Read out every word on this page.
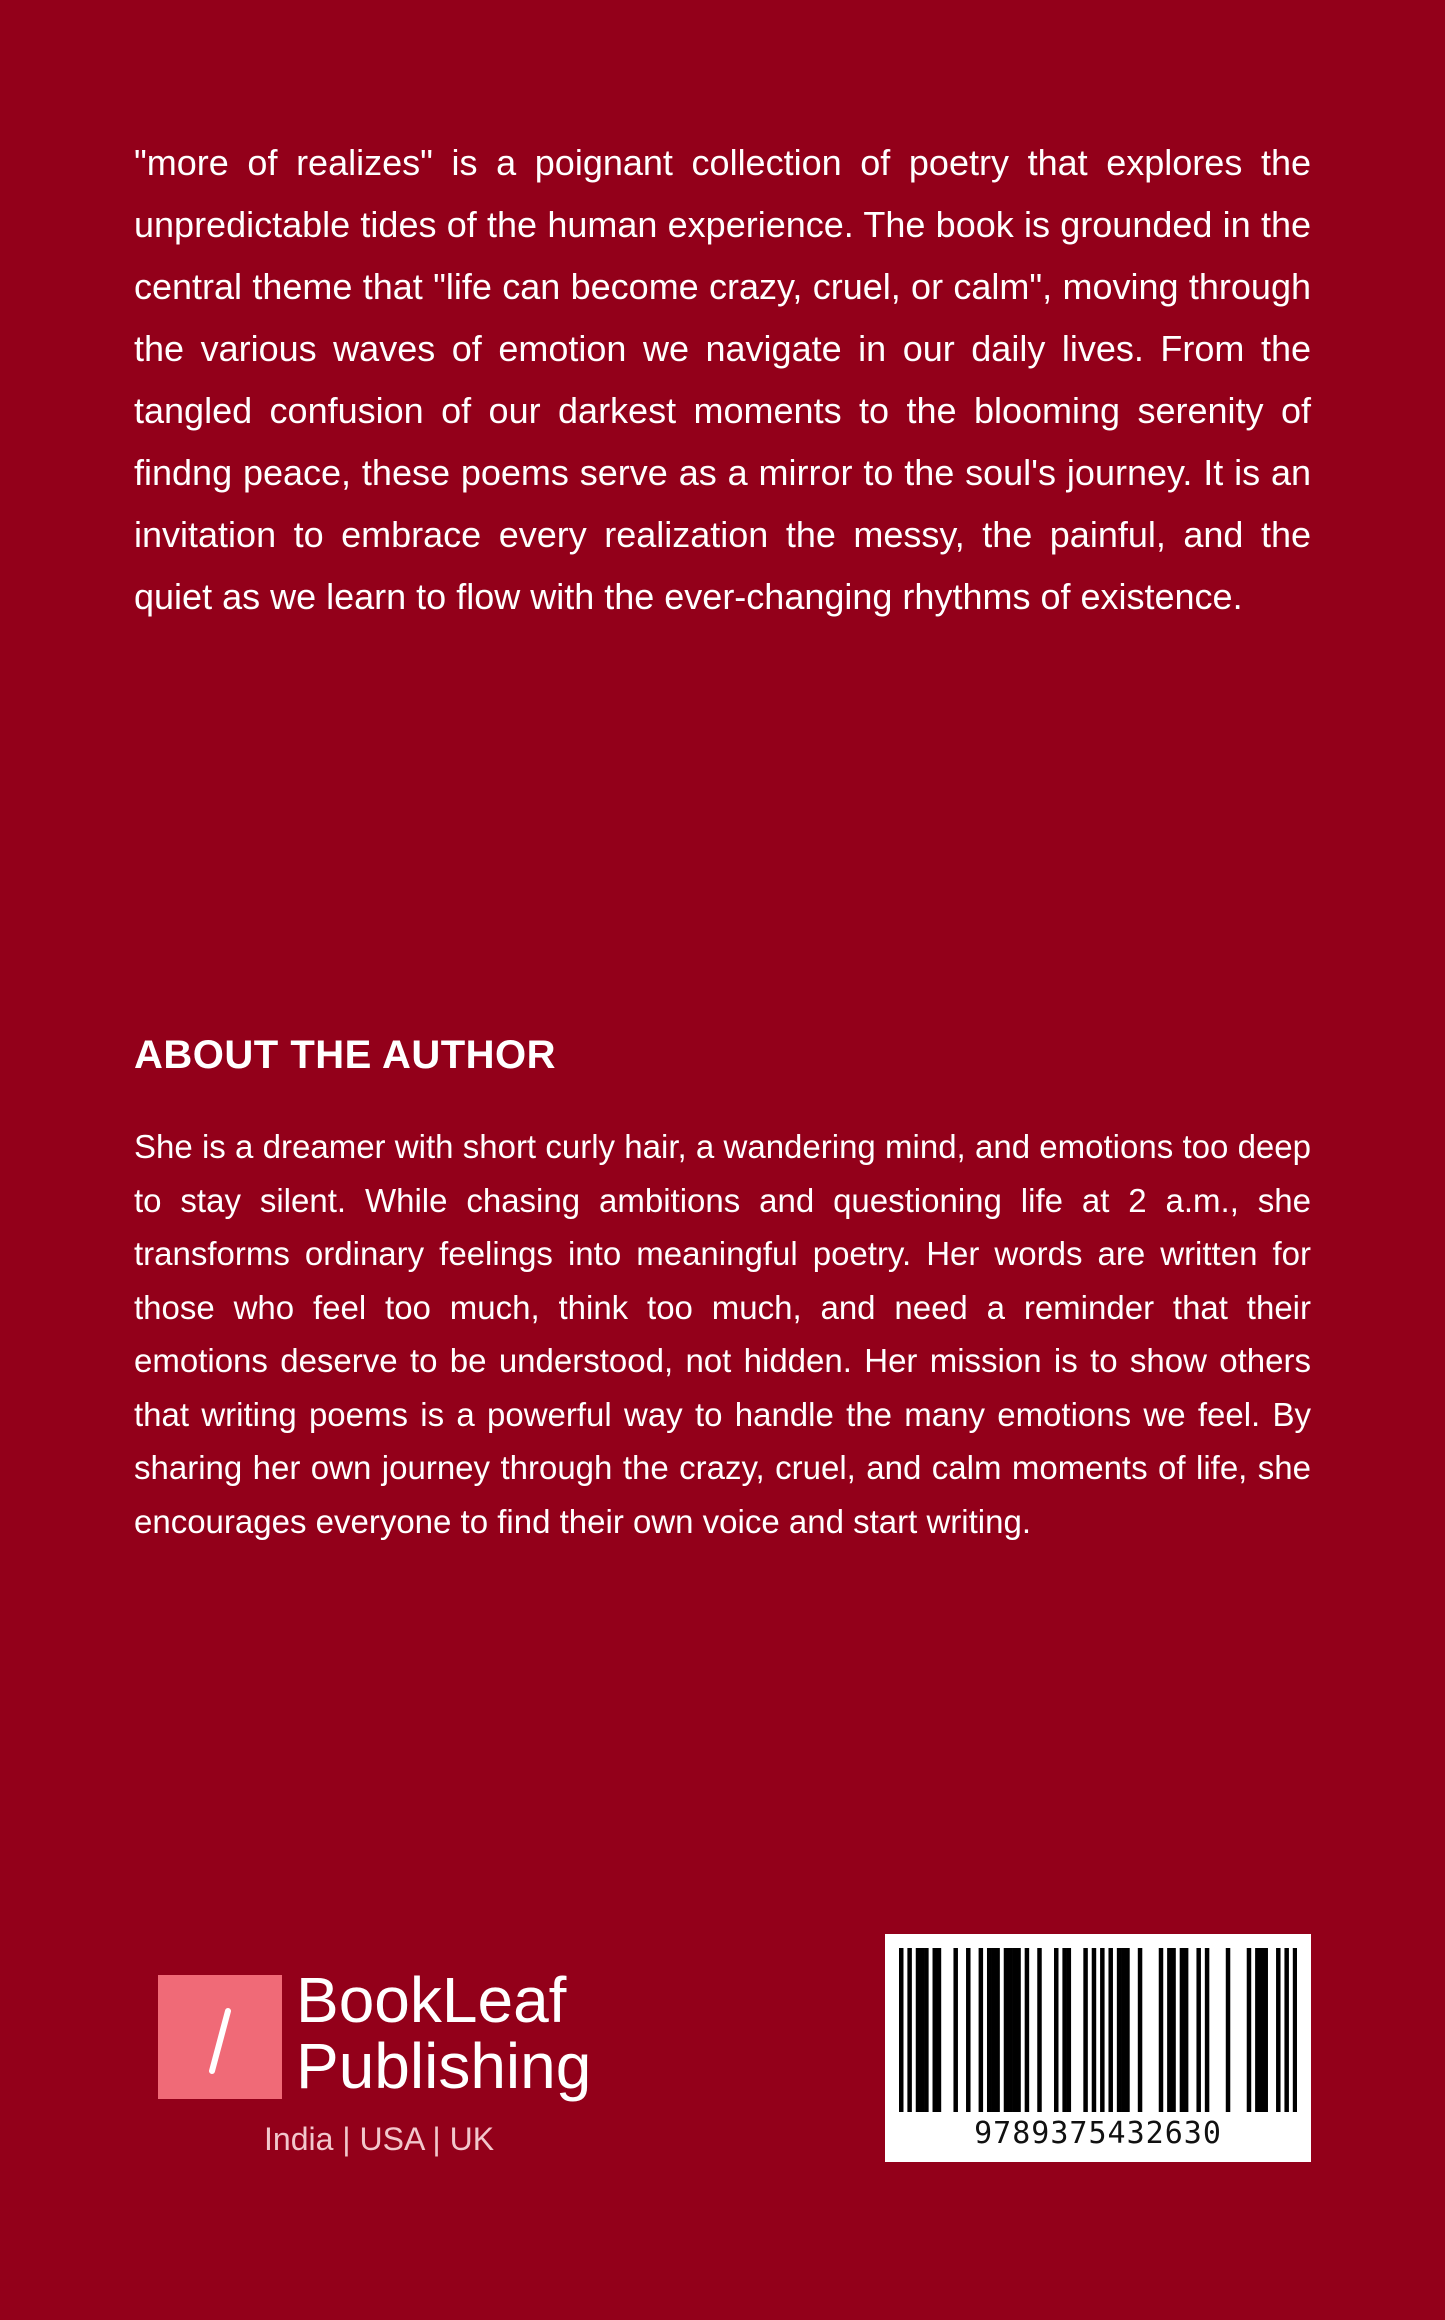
"more of realizes" is a poignant collection of poetry that explores the unpredictable tides of the human experience. The book is grounded in the central theme that "life can become crazy, cruel, or calm", moving through the various waves of emotion we navigate in our daily lives. From the tangled confusion of our darkest moments to the blooming serenity of findng peace, these poems serve as a mirror to the soul's journey. It is an invitation to embrace every realization the messy, the painful, and the quiet as we learn to flow with the ever-changing rhythms of existence.

ABOUT THE AUTHOR

She is a dreamer with short curly hair, a wandering mind, and emotions too deep to stay silent. While chasing ambitions and questioning life at 2 a.m., she transforms ordinary feelings into meaningful poetry. Her words are written for those who feel too much, think too much, and need a reminder that their emotions deserve to be understood, not hidden. Her mission is to show others that writing poems is a powerful way to handle the many emotions we feel. By sharing her own journey through the crazy, cruel, and calm moments of life, she encourages everyone to find their own voice and start writing.

BookLeaf
Publishing
India | USA | UK	9789375432630
